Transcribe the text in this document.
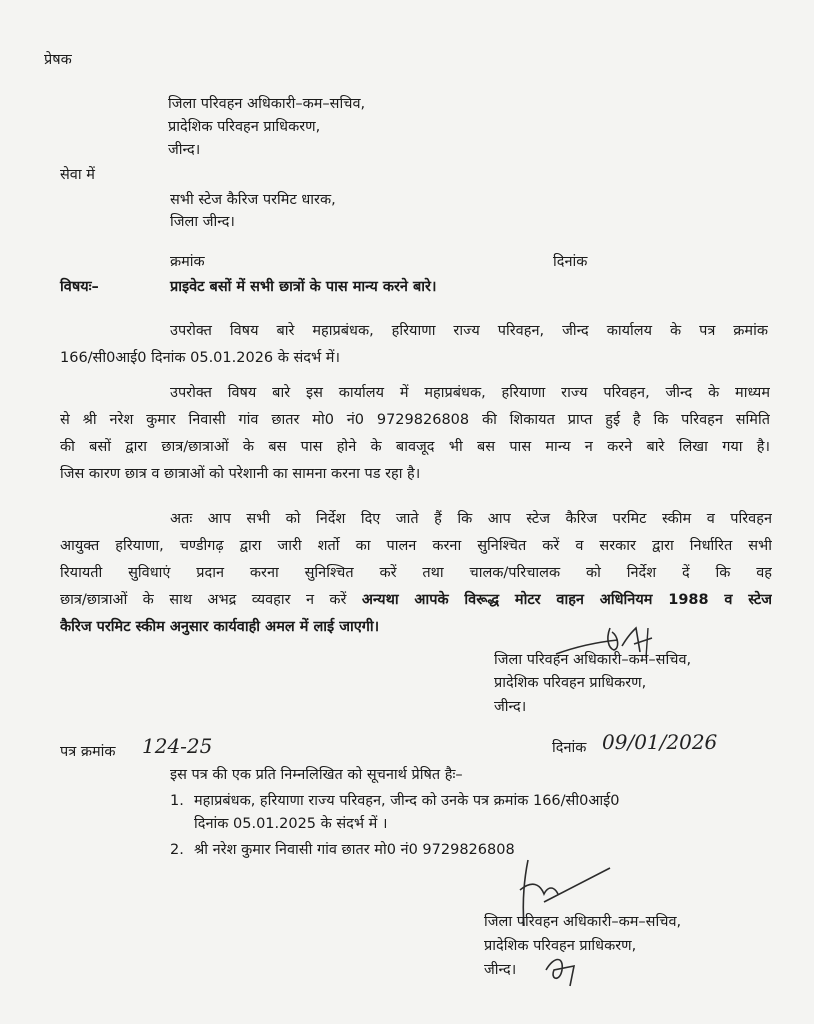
प्रेषक
जिला परिवहन अधिकारी–कम–सचिव,
प्रादेशिक परिवहन प्राधिकरण,
जीन्द।
सेवा में
सभी स्टेज कैरिज परमिट धारक,
जिला जीन्द।
क्रमांक	दिनांक
विषयः–	प्राइवेट बसों में सभी छात्रों के पास मान्य करने बारे।
उपरोक्त विषय बारे महाप्रबंधक, हरियाणा राज्य परिवहन, जीन्द कार्यालय के पत्र क्रमांक
166/सी0आई0 दिनांक 05.01.2026 के संदर्भ में।
उपरोक्त विषय बारे इस कार्यालय में महाप्रबंधक, हरियाणा राज्य परिवहन, जीन्द के माध्यम
से श्री नरेश कुमार निवासी गांव छातर मो0 नं0 9729826808 की शिकायत प्राप्त हुई है कि परिवहन समिति
की बसों द्वारा छात्र/छात्राओं के बस पास होने के बावजूद भी बस पास मान्य न करने बारे लिखा गया है।
जिस कारण छात्र व छात्राओं को परेशानी का सामना करना पड रहा है।
अतः आप सभी को निर्देश दिए जाते हैं कि आप स्टेज कैरिज परमिट स्कीम व परिवहन
आयुक्त हरियाणा, चण्डीगढ़ द्वारा जारी शर्तो का पालन करना सुनिश्चित करें व सरकार द्वारा निर्धारित सभी
रियायती सुविधाएं प्रदान करना सुनिश्चित करें तथा चालक/परिचालक को निर्देश दें कि वह
छात्र/छात्राओं के साथ अभद्र व्यवहार न करें अन्यथा आपके विरूद्ध मोटर वाहन अधिनियम 1988 व स्टेज
कैरिज परमिट स्कीम अनुसार कार्यवाही अमल में लाई जाएगी।
जिला परिवहन अधिकारी–कम–सचिव,
प्रादेशिक परिवहन प्राधिकरण,
जीन्द।
पत्र क्रमांक 124-25	दिनांक 09/01/2026
इस पत्र की एक प्रति निम्नलिखित को सूचनार्थ प्रेषित हैः–
1. महाप्रबंधक, हरियाणा राज्य परिवहन, जीन्द को उनके पत्र क्रमांक 166/सी0आई0
दिनांक 05.01.2025 के संदर्भ में ।
2. श्री नरेश कुमार निवासी गांव छातर मो0 नं0 9729826808
जिला परिवहन अधिकारी–कम–सचिव,
प्रादेशिक परिवहन प्राधिकरण,
जीन्द।
